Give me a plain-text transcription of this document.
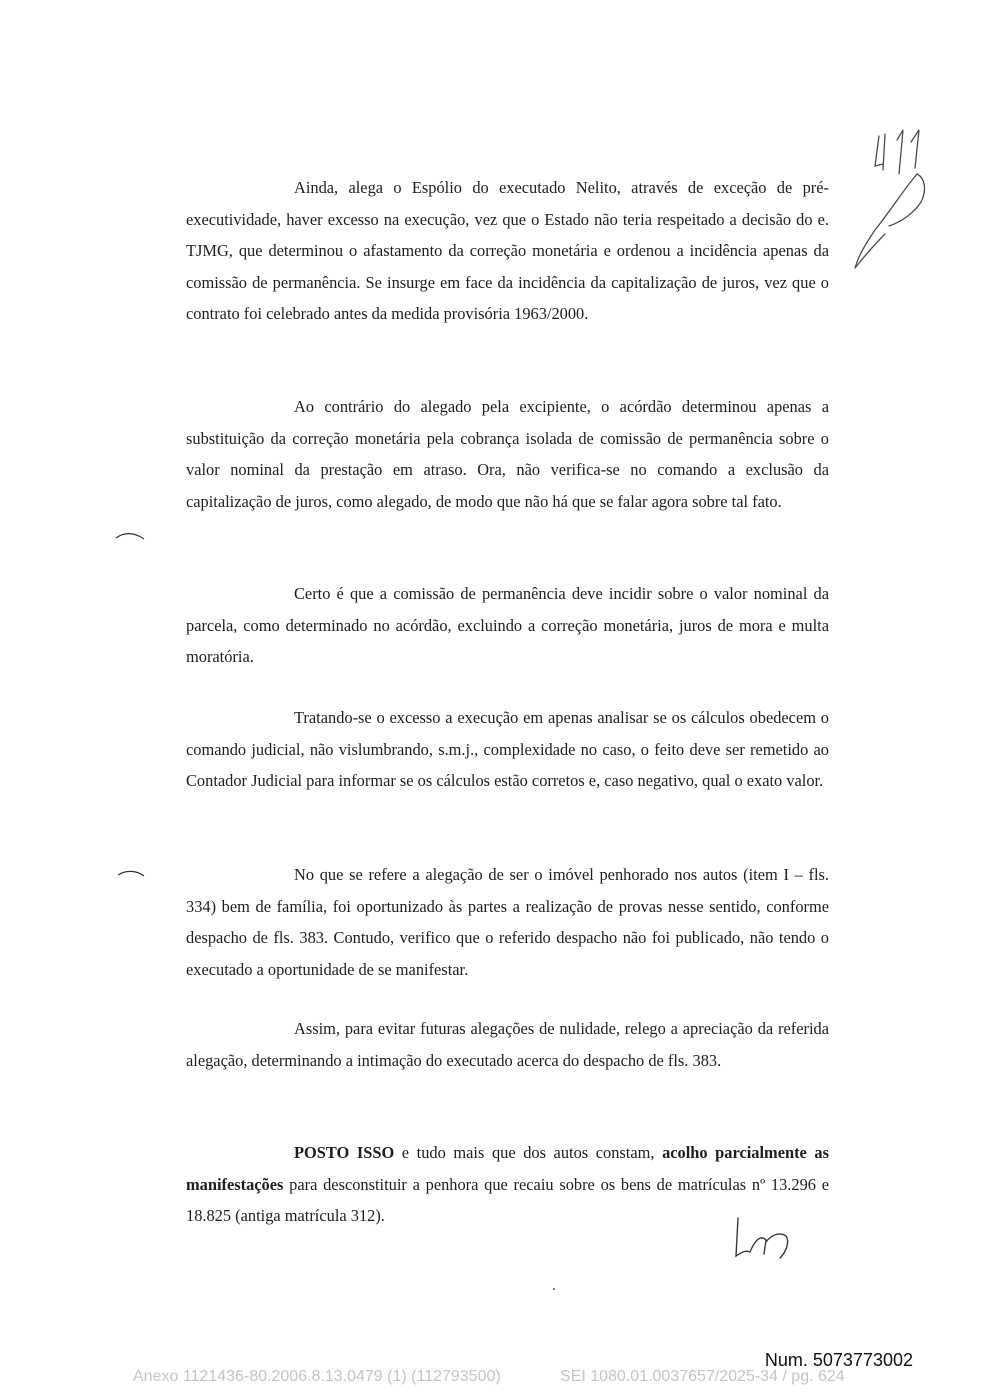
Ainda, alega o Espólio do executado Nelito, através de exceção de pré-executividade, haver excesso na execução, vez que o Estado não teria respeitado a decisão do e. TJMG, que determinou o afastamento da correção monetária e ordenou a incidência apenas da comissão de permanência. Se insurge em face da incidência da capitalização de juros, vez que o contrato foi celebrado antes da medida provisória 1963/2000.

Ao contrário do alegado pela excipiente, o acórdão determinou apenas a substituição da correção monetária pela cobrança isolada de comissão de permanência sobre o valor nominal da prestação em atraso. Ora, não verifica-se no comando a exclusão da capitalização de juros, como alegado, de modo que não há que se falar agora sobre tal fato.

Certo é que a comissão de permanência deve incidir sobre o valor nominal da parcela, como determinado no acórdão, excluindo a correção monetária, juros de mora e multa moratória.

Tratando-se o excesso a execução em apenas analisar se os cálculos obedecem o comando judicial, não vislumbrando, s.m.j., complexidade no caso, o feito deve ser remetido ao Contador Judicial para informar se os cálculos estão corretos e, caso negativo, qual o exato valor.

No que se refere a alegação de ser o imóvel penhorado nos autos (item I – fls. 334) bem de família, foi oportunizado às partes a realização de provas nesse sentido, conforme despacho de fls. 383. Contudo, verifico que o referido despacho não foi publicado, não tendo o executado a oportunidade de se manifestar.

Assim, para evitar futuras alegações de nulidade, relego a apreciação da referida alegação, determinando a intimação do executado acerca do despacho de fls. 383.

POSTO ISSO e tudo mais que dos autos constam, acolho parcialmente as manifestações para desconstituir a penhora que recaiu sobre os bens de matrículas nº 13.296 e 18.825 (antiga matrícula 312).

Num. 5073773002
Anexo 1121436-80.2006.8.13.0479 (1) (112793500)	SEI 1080.01.0037657/2025-34 / pg. 624
